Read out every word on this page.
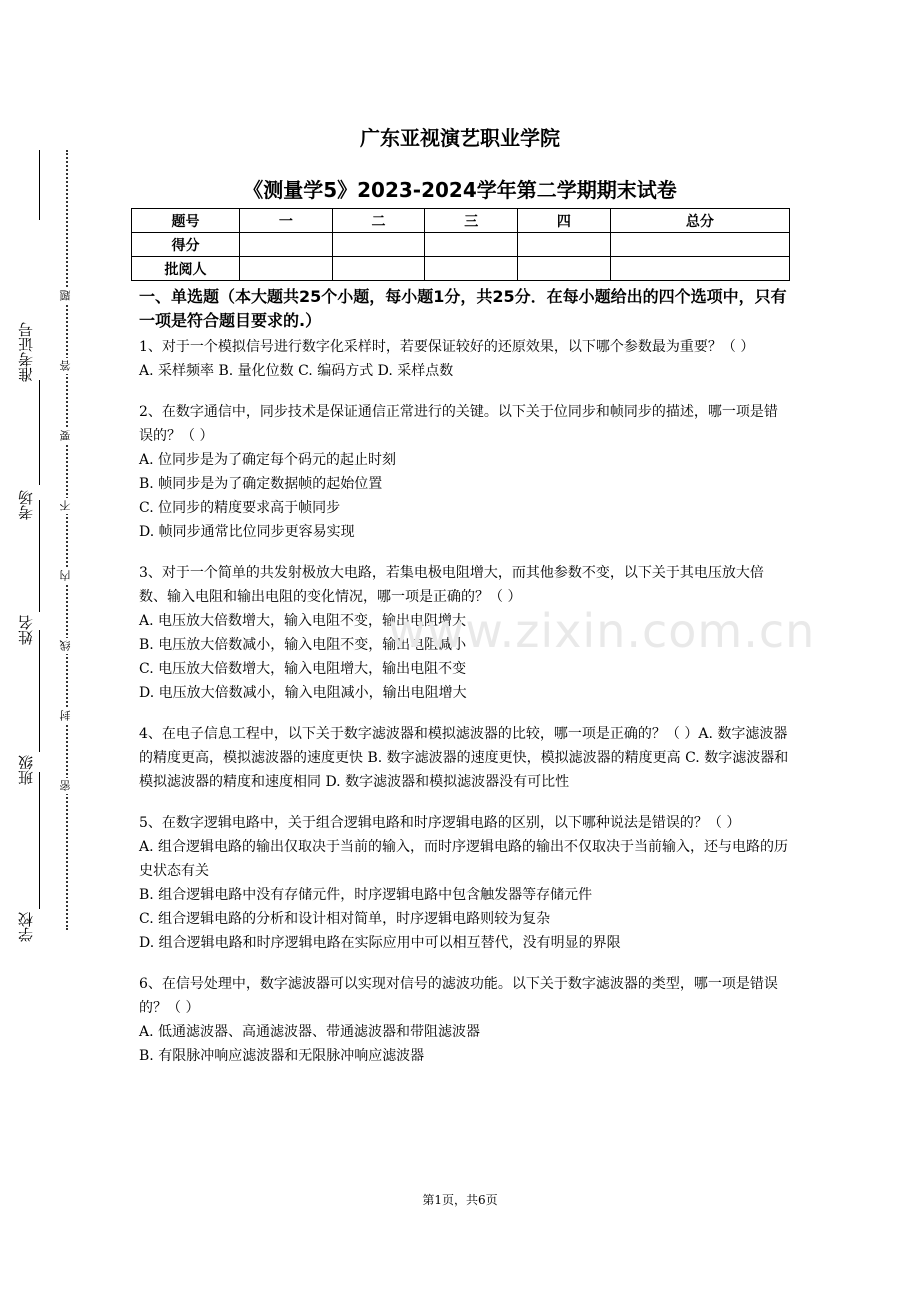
准考证号
考场
姓名
班级
学校
题
答
要
不
内
线
封
密
广东亚视演艺职业学院
《测量学5》2023-2024学年第二学期期末试卷
题号	一	二	三	四	总分
得分					
批阅人					
一、单选题（本大题共25个小题，每小题1分，共25分．在每小题给出的四个选项中，只有一项是符合题目要求的.）
1、对于一个模拟信号进行数字化采样时，若要保证较好的还原效果，以下哪个参数最为重要？（ ）
A. 采样频率 B. 量化位数 C. 编码方式 D. 采样点数
2、在数字通信中，同步技术是保证通信正常进行的关键。以下关于位同步和帧同步的描述，哪一项是错误的？（ ）
A. 位同步是为了确定每个码元的起止时刻
B. 帧同步是为了确定数据帧的起始位置
C. 位同步的精度要求高于帧同步
D. 帧同步通常比位同步更容易实现
3、对于一个简单的共发射极放大电路，若集电极电阻增大，而其他参数不变，以下关于其电压放大倍数、输入电阻和输出电阻的变化情况，哪一项是正确的？（ ）
A. 电压放大倍数增大，输入电阻不变，输出电阻增大
B. 电压放大倍数减小，输入电阻不变，输出电阻减小
C. 电压放大倍数增大，输入电阻增大，输出电阻不变
D. 电压放大倍数减小，输入电阻减小，输出电阻增大
4、在电子信息工程中，以下关于数字滤波器和模拟滤波器的比较，哪一项是正确的？（ ）A. 数字滤波器的精度更高，模拟滤波器的速度更快 B. 数字滤波器的速度更快，模拟滤波器的精度更高 C. 数字滤波器和模拟滤波器的精度和速度相同 D. 数字滤波器和模拟滤波器没有可比性
5、在数字逻辑电路中，关于组合逻辑电路和时序逻辑电路的区别，以下哪种说法是错误的？（ ）
A. 组合逻辑电路的输出仅取决于当前的输入，而时序逻辑电路的输出不仅取决于当前输入，还与电路的历史状态有关
B. 组合逻辑电路中没有存储元件，时序逻辑电路中包含触发器等存储元件
C. 组合逻辑电路的分析和设计相对简单，时序逻辑电路则较为复杂
D. 组合逻辑电路和时序逻辑电路在实际应用中可以相互替代，没有明显的界限
6、在信号处理中，数字滤波器可以实现对信号的滤波功能。以下关于数字滤波器的类型，哪一项是错误的？（ ）
A. 低通滤波器、高通滤波器、带通滤波器和带阻滤波器
B. 有限脉冲响应滤波器和无限脉冲响应滤波器
www.zixin.com.cn
第1页，共6页
